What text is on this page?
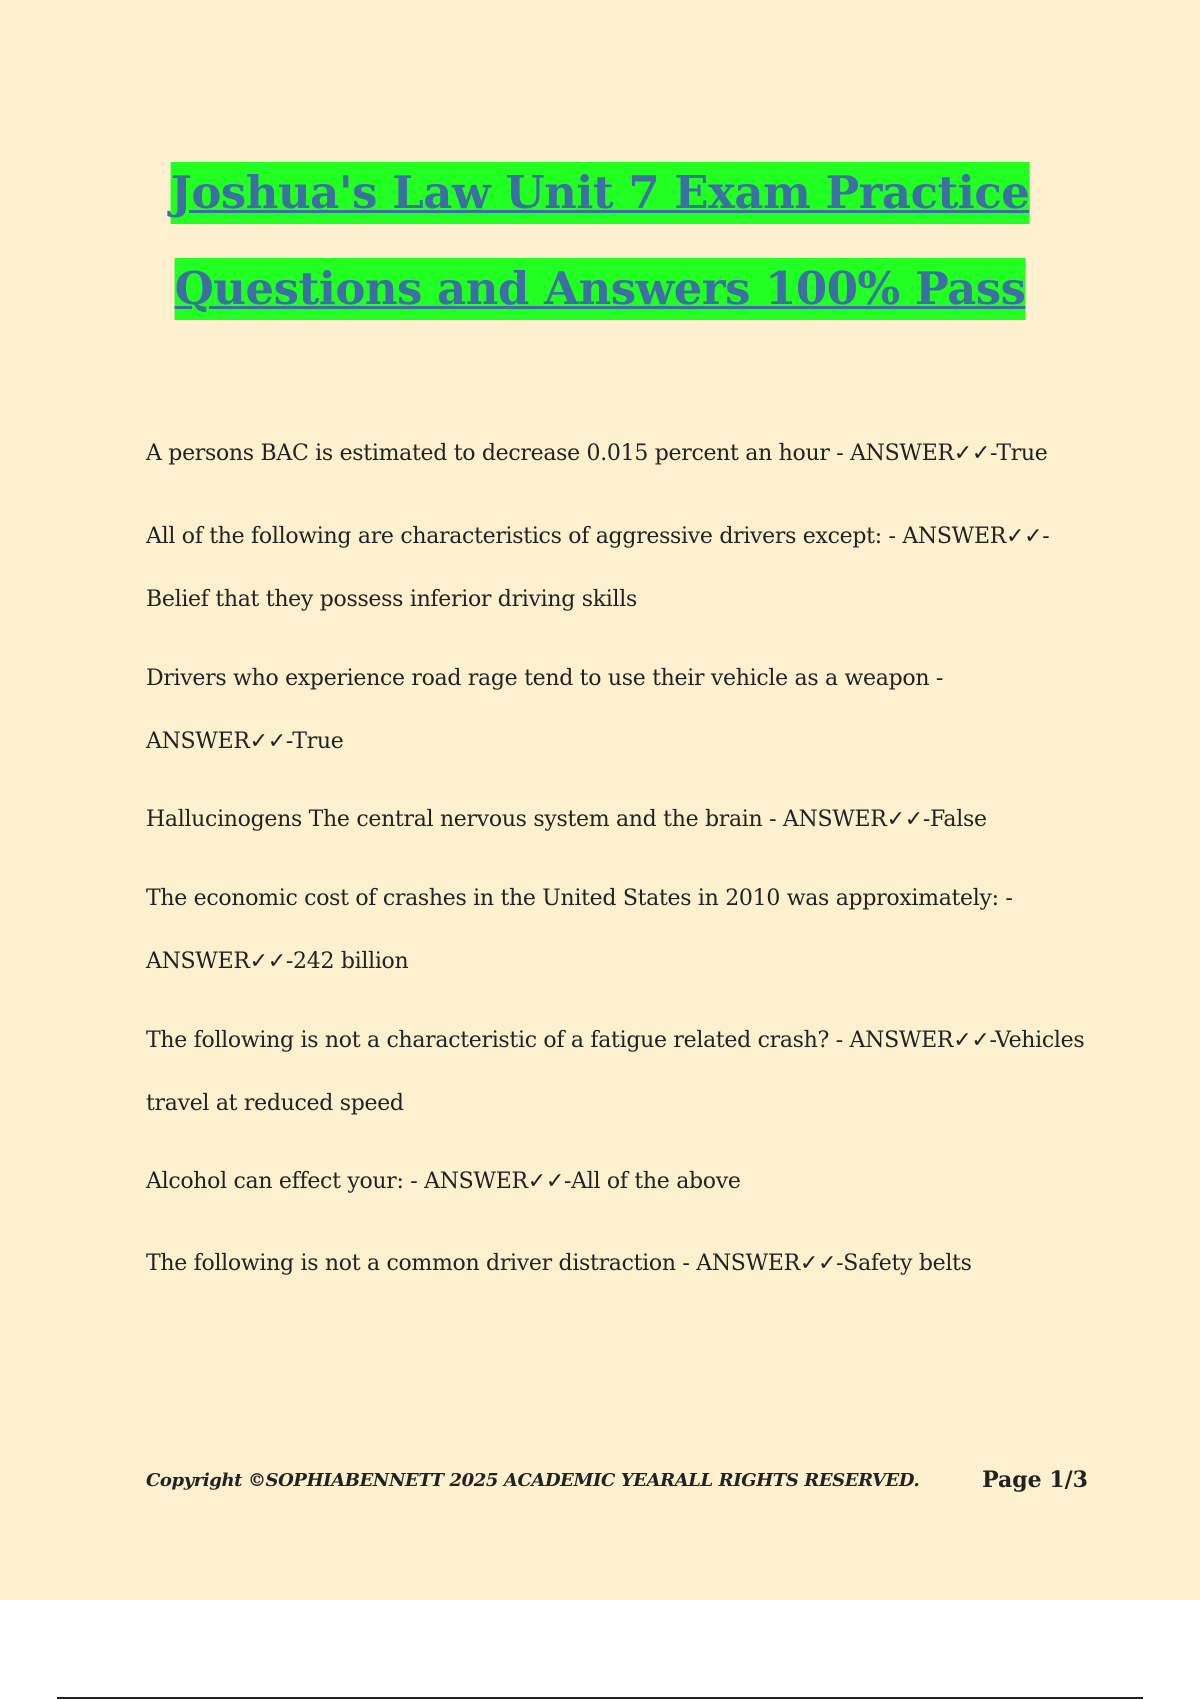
Joshua's Law Unit 7 Exam Practice
Questions and Answers 100% Pass

A persons BAC is estimated to decrease 0.015 percent an hour - ANSWER✓✓-True

All of the following are characteristics of aggressive drivers except: - ANSWER✓✓-Belief that they possess inferior driving skills

Drivers who experience road rage tend to use their vehicle as a weapon - ANSWER✓✓-True

Hallucinogens The central nervous system and the brain - ANSWER✓✓-False

The economic cost of crashes in the United States in 2010 was approximately: - ANSWER✓✓-242 billion

The following is not a characteristic of a fatigue related crash? - ANSWER✓✓-Vehicles travel at reduced speed

Alcohol can effect your: - ANSWER✓✓-All of the above

The following is not a common driver distraction - ANSWER✓✓-Safety belts

Copyright ©SOPHIABENNETT 2025 ACADEMIC YEARALL RIGHTS RESERVED.	Page 1/3
